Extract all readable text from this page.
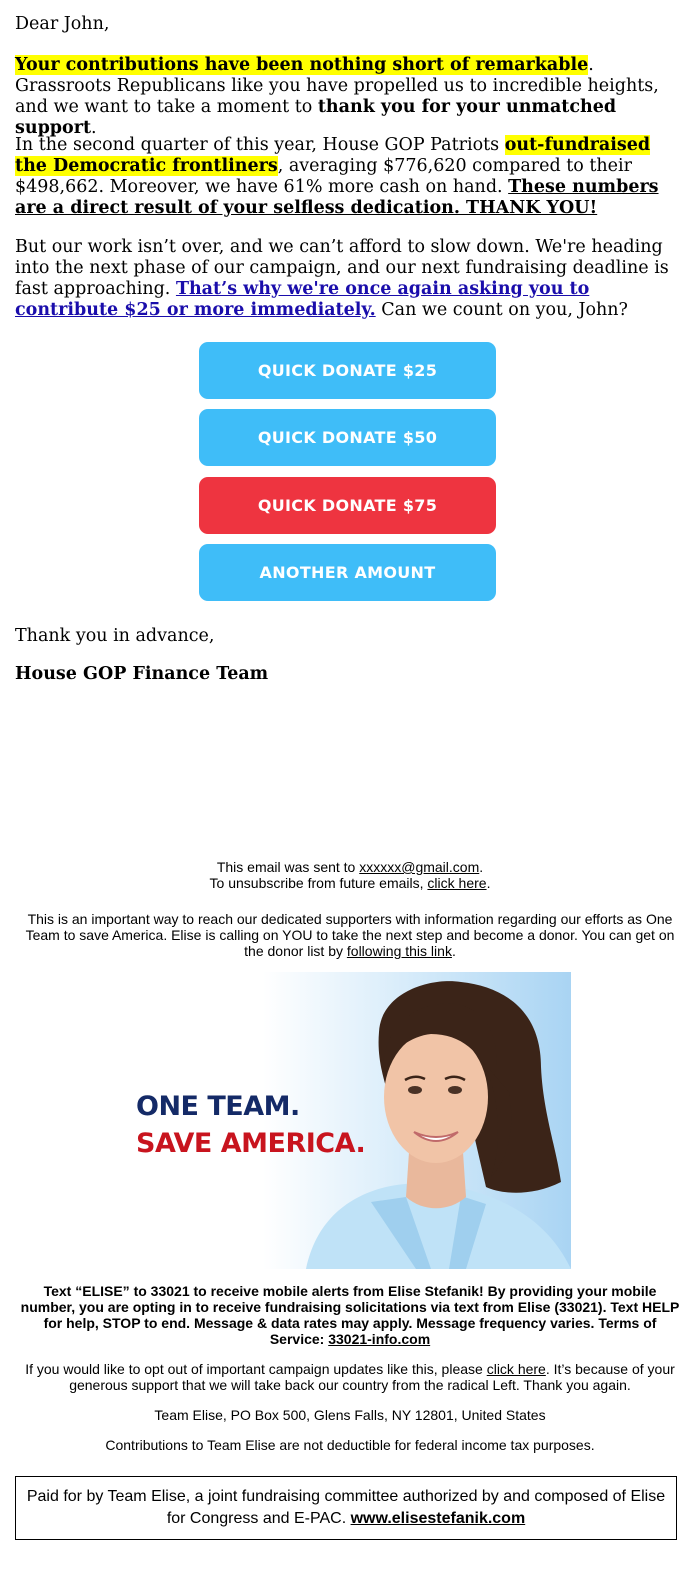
Dear John,

Your contributions have been nothing short of remarkable. Grassroots Republicans like you have propelled us to incredible heights, and we want to take a moment to thank you for your unmatched support.

In the second quarter of this year, House GOP Patriots out-fundraised the Democratic frontliners, averaging $776,620 compared to their $498,662. Moreover, we have 61% more cash on hand. These numbers are a direct result of your selfless dedication. THANK YOU!

But our work isn’t over, and we can’t afford to slow down. We're heading into the next phase of our campaign, and our next fundraising deadline is fast approaching. That’s why we're once again asking you to contribute $25 or more immediately. Can we count on you, John?

QUICK DONATE $25
QUICK DONATE $50
QUICK DONATE $75
ANOTHER AMOUNT
Thank you in advance,
House GOP Finance Team
This email was sent to xxxxxx@gmail.com.
To unsubscribe from future emails, click here.
This is an important way to reach our dedicated supporters with information regarding our efforts as One Team to save America. Elise is calling on YOU to take the next step and become a donor. You can get on the donor list by following this link.
ONE TEAM.
SAVE AMERICA.
Text “ELISE” to 33021 to receive mobile alerts from Elise Stefanik! By providing your mobile number, you are opting in to receive fundraising solicitations via text from Elise (33021). Text HELP for help, STOP to end. Message & data rates may apply. Message frequency varies. Terms of Service: 33021-info.com
If you would like to opt out of important campaign updates like this, please click here. It’s because of your generous support that we will take back our country from the radical Left. Thank you again.
Team Elise, PO Box 500, Glens Falls, NY 12801, United States
Contributions to Team Elise are not deductible for federal income tax purposes.
Paid for by Team Elise, a joint fundraising committee authorized by and composed of Elise for Congress and E-PAC. www.elisestefanik.com
